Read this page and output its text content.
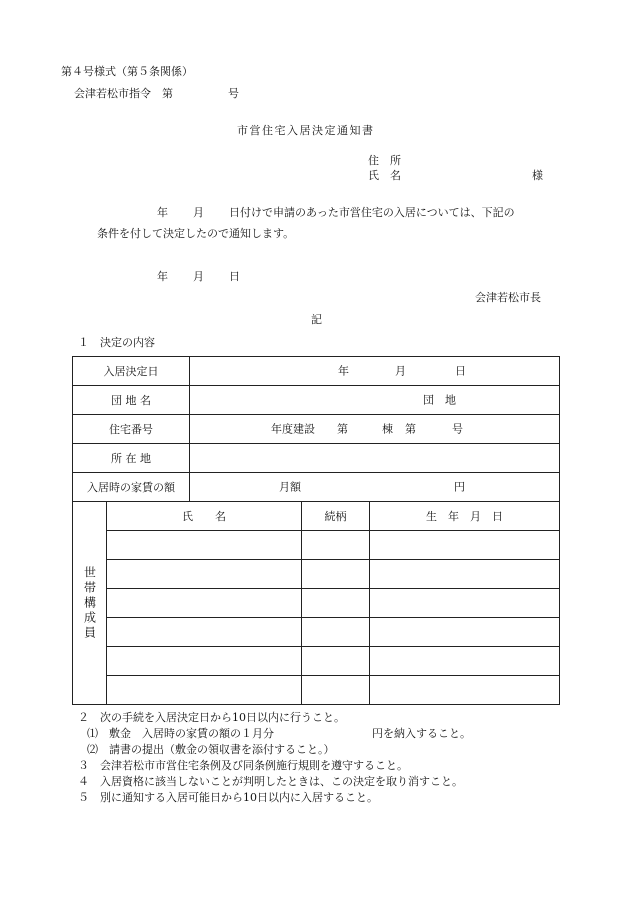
第４号様式（第５条関係）
会津若松市指令　第	号
市営住宅入居決定通知書
住　所
氏　名	様
年 月 日付けで申請のあった市営住宅の入居については、下記の
条件を付して決定したので通知します。
年 月 日
会津若松市長
記
１　決定の内容
入居決定日		年 月 日		

団 地 名		団　地		

住宅番号		年度建設 第 棟 第 号		

所 在 地				
入居時の家賃の額		月額 円		

世帯構成員	氏　　名		続柄	生　年　月　日

２　次の手続を入居決定日から10日以内に行うこと。
⑴　敷金　入居時の家賃の額の１月分	円を納入すること。
⑵　請書の提出（敷金の領収書を添付すること。）
３　会津若松市市営住宅条例及び同条例施行規則を遵守すること。
４　入居資格に該当しないことが判明したときは、この決定を取り消すこと。
５　別に通知する入居可能日から10日以内に入居すること。
